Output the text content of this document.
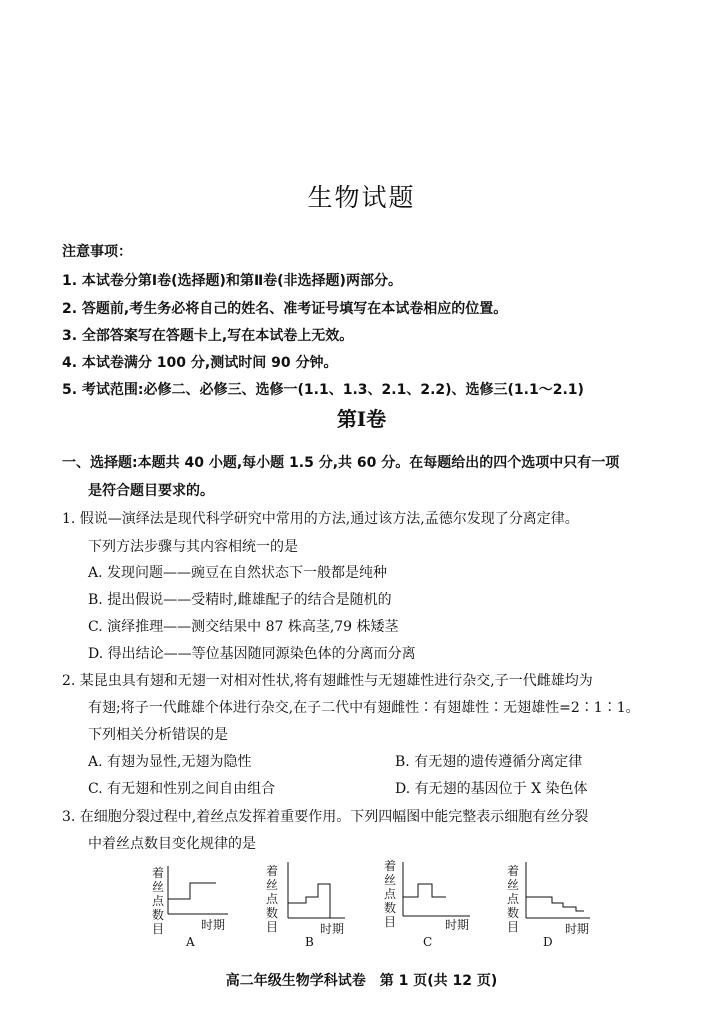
生物试题
注意事项：
1. 本试卷分第Ⅰ卷(选择题)和第Ⅱ卷(非选择题)两部分。
2. 答题前,考生务必将自己的姓名、准考证号填写在本试卷相应的位置。
3. 全部答案写在答题卡上,写在本试卷上无效。
4. 本试卷满分 100 分,测试时间 90 分钟。
5. 考试范围:必修二、必修三、选修一(1.1、1.3、2.1、2.2)、选修三(1.1～2.1)
第Ⅰ卷
一、选择题:本题共 40 小题,每小题 1.5 分,共 60 分。在每题给出的四个选项中只有一项
是符合题目要求的。
1. 假说—演绎法是现代科学研究中常用的方法,通过该方法,孟德尔发现了分离定律。
下列方法步骤与其内容相统一的是
A. 发现问题——豌豆在自然状态下一般都是纯种
B. 提出假说——受精时,雌雄配子的结合是随机的
C. 演绎推理——测交结果中 87 株高茎,79 株矮茎
D. 得出结论——等位基因随同源染色体的分离而分离
2. 某昆虫具有翅和无翅一对相对性状,将有翅雌性与无翅雄性进行杂交,子一代雌雄均为
有翅;将子一代雌雄个体进行杂交,在子二代中有翅雌性∶有翅雄性∶无翅雄性=2∶1∶1。
下列相关分析错误的是
A. 有翅为显性,无翅为隐性	B. 有无翅的遗传遵循分离定律
C. 有无翅和性别之间自由组合	D. 有无翅的基因位于 X 染色体
3. 在细胞分裂过程中,着丝点发挥着重要作用。下列四幅图中能完整表示细胞有丝分裂
中着丝点数目变化规律的是
着
丝
点
数
目	时期
A
着
丝
点
数
目	时期
B
着
丝
点
数
目	时期
C
着
丝
点
数
目	时期
D
高二年级生物学科试卷　第 1 页(共 12 页)
